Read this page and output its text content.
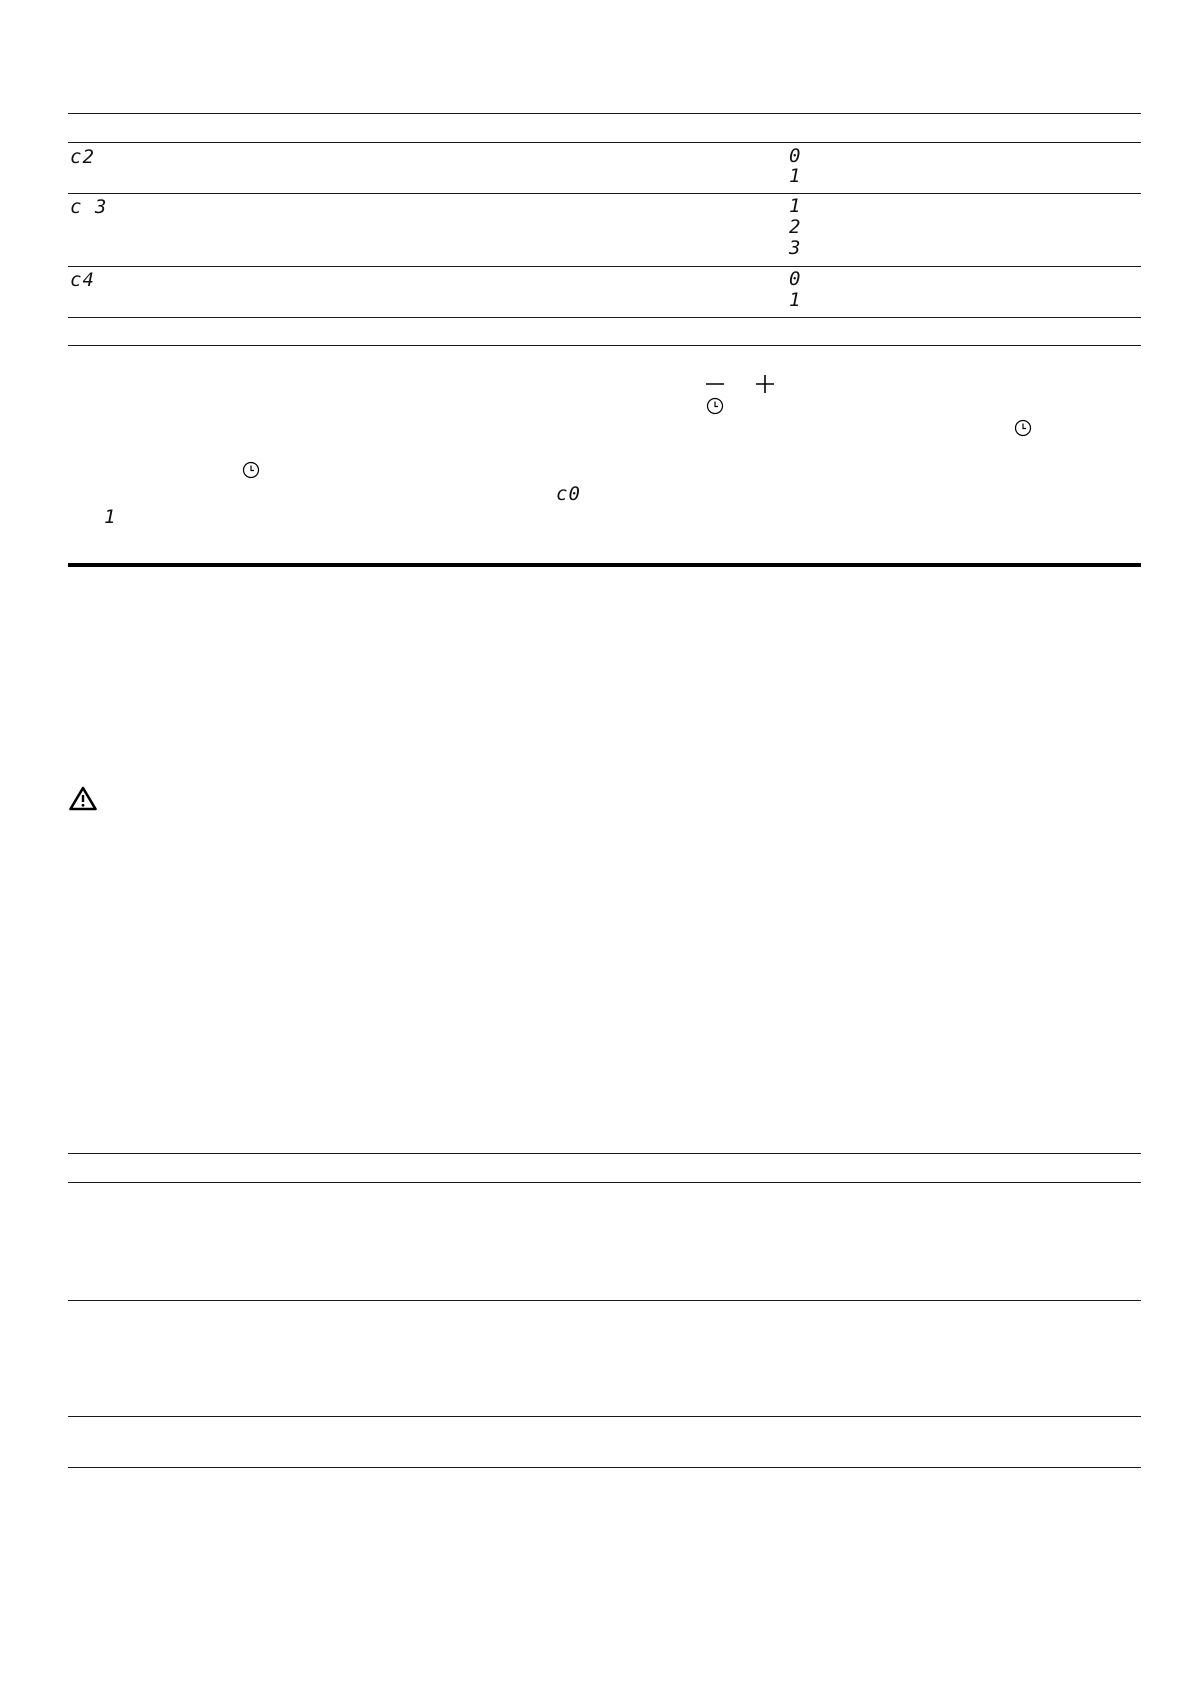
c2	0
1
c 3	1
2
3
c4	0
1
c0
1
